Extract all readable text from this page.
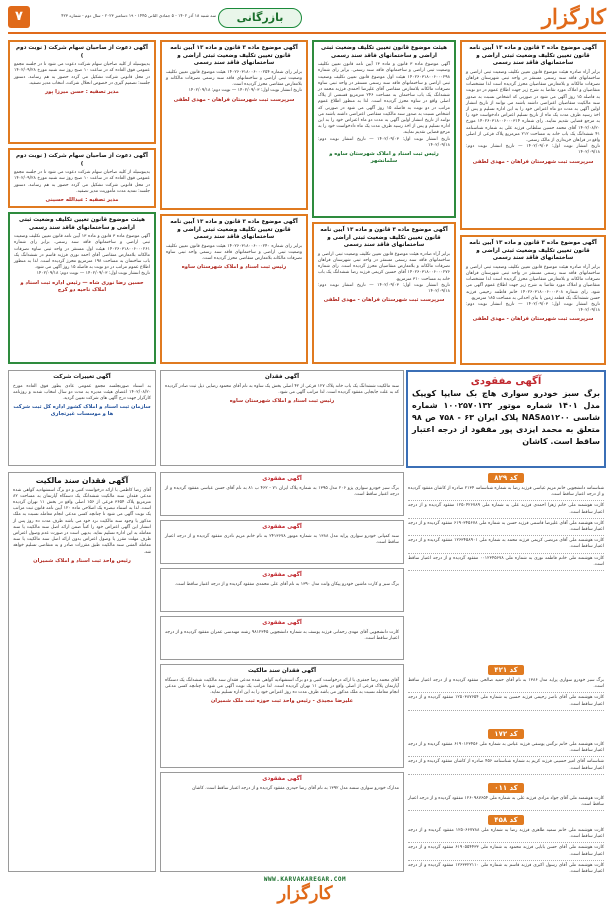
کارگزار
بازرگانی
سه شنبه ۱۸ آذر ۱۴۰۲ - ۵ جمادی الثانی ۱۴۴۵ - ۱۹ دسامبر ۲۰۲۳ - سال دوم - شماره ۴۲۳
۷
آگهی موضوع ماده ۳ قانون و ماده ۱۳ آیین نامه قانون تعیین تکلیف وضعیت ثبتی اراضی و ساختمانهای فاقد سند رسمی
برابر آراء صادره هیئت موضوع قانون تعیین تکلیف وضعیت ثبتی اراضی و ساختمانهای فاقد سند رسمی مستقر در واحد ثبتی شهرستان فراهان تصرفات مالکانه و بلامعارض متقاضیان محرز گردیده است لذا مشخصات متقاضیان و املاک مورد تقاضا به شرح زیر جهت اطلاع عموم در دو نوبت به فاصله ۱۵ روز آگهی می شود در صورتی که اشخاص نسبت به صدور سند مالکیت متقاضیان اعتراضی داشته باشند می توانند از تاریخ انتشار اولین آگهی به مدت دو ماه اعتراض خود را به این اداره تسلیم و پس از اخذ رسید ظرف مدت یک ماه از تاریخ تسلیم اعتراض دادخواست خود را به مرجع قضایی تقدیم نمایند. رای شماره ۱۴۰۲۶۰۳۱۸۰۰۶۰۰۰۳۱۴ مورخ ۱۴۰۲/۰۸/۲۰ آقای محمد حسین سلطانی فرزند علی به شماره شناسنامه ۴۱ ششدانگ یک باب خانه به مساحت ۲۱۲ مترمربع پلاک فرعی از اصلی واقع در فراهان خریداری از مالک رسمی.
تاریخ انتشار نوبت اول: ۱۴۰۲/۰۹/۰۳ — تاریخ انتشار نوبت دوم: ۱۴۰۲/۰۹/۱۸
سرپرست ثبت شهرستان فراهان - مهدی لطفی
آگهی موضوع ماده ۳ قانون و ماده ۱۳ آیین نامه قانون تعیین تکلیف وضعیت ثبتی اراضی و ساختمانهای فاقد سند رسمی
برابر آراء صادره هیئت موضوع قانون تعیین تکلیف وضعیت ثبتی اراضی و ساختمانهای فاقد سند رسمی مستقر در واحد ثبتی شهرستان فراهان تصرفات مالکانه و بلامعارض متقاضیان محرز گردیده است لذا مشخصات متقاضیان و املاک مورد تقاضا به شرح زیر جهت اطلاع عموم آگهی می شود. رای شماره ۱۴۰۲۶۰۳۱۸۰۰۶۰۰۰۳۰۸ خانم فاطمه رحیمی فرزند حسن ششدانگ یک قطعه زمین با بنای احداثی به مساحت ۱۸۵ مترمربع.
تاریخ انتشار نوبت اول: ۱۴۰۲/۰۹/۰۳ — تاریخ انتشار نوبت دوم: ۱۴۰۲/۰۹/۱۸
سرپرست ثبت شهرستان فراهان - مهدی لطفی
آگهی مفقودی
برگ سبز خودرو سواری هاچ بک سایپا کوییک مدل ۱۴۰۱ شماره موتور ۱۰۰۲۵۷۰۱۳۲ شماره شاسی NAS۸۵۱۲۰۰ پلاک ایران ۶۳ - ۷۵۸ ص ۹۸ متعلق به محمد ایزدی پور مفقود از درجه اعتبار ساقط است. کاشان
کد ۸۲۹
شناسنامه دانشجویی خانم مریم عباسی فرزند رضا به شماره شناسنامه ۲۱۳۴ صادره از کاشان مفقود گردیده و از درجه اعتبار ساقط است.
کارت هوشمند ملی خانم زهرا احمدی فرزند علی به شماره ملی ۱۲۵۰۴۲۶۷۸۹ مفقود گردیده و از درجه اعتبار ساقط است.
کارت هوشمند ملی آقای علیرضا قاسمی فرزند حسن به شماره ملی ۶۱۹۰۳۴۵۶۷۸ مفقود گردیده و از درجه اعتبار ساقط است.
کارت هوشمند ملی آقای مرتضی کریمی فرزند محمد به شماره ملی ۱۲۶۳۴۵۸۹۰۱ مفقود گردیده و از درجه اعتبار ساقط است.
کارت هوشمند ملی خانم فاطمه نوری به شماره ملی ۰۰۱۲۳۴۵۶۷۸ مفقود گردیده و از درجه اعتبار ساقط است.
کد ۴۲۱
برگ سبز خودرو سواری پراید مدل ۱۳۸۶ به نام آقای حمید صالحی مفقود گردیده و از درجه اعتبار ساقط است.
کارت هوشمند ملی آقای ناصر رحیمی فرزند حسین به شماره ملی ۱۲۵۰۳۸۷۶۵۴ مفقود گردیده و از درجه اعتبار ساقط است.
کد ۱۷۲
کارت هوشمند ملی خانم نرگس یوسفی فرزند عباس به شماره ملی ۶۱۹۰۱۲۳۴۵۶ مفقود گردیده و از درجه اعتبار ساقط است.
شناسنامه آقای امیر حسینی فرزند کریم به شماره شناسنامه ۴۵۶ صادره از کاشان مفقود گردیده و از درجه اعتبار ساقط است.
کد ۰۱۱
کارت هوشمند ملی آقای جواد مرادی فرزند علی به شماره ملی ۱۲۶۰۹۸۷۶۵۴ مفقود گردیده و از درجه اعتبار ساقط است.
کد ۴۵۸
کارت هوشمند ملی خانم سمیه طاهری فرزند رضا به شماره ملی ۱۲۵۰۶۶۷۷۸۸ مفقود گردیده و از درجه اعتبار ساقط است.
کارت هوشمند ملی آقای حسن بابایی فرزند محمود به شماره ملی ۶۱۹۰۵۵۴۴۳۳ مفقود گردیده و از درجه اعتبار ساقط است.
کارت هوشمند ملی آقای رسول اکبری فرزند قاسم به شماره ملی ۱۲۶۳۳۲۲۱۱۰ مفقود گردیده و از درجه اعتبار ساقط است.
هیئت موضوع قانون تعیین تکلیف وضعیت ثبتی اراضی و ساختمانهای فاقد سند رسمی
آگهی موضوع ماده ۳ قانون و ماده ۱۳ آیین نامه قانون تعیین تکلیف وضعیت ثبتی اراضی و ساختمانهای فاقد سند رسمی. برابر رای شماره ۱۴۰۲۶۰۳۱۸۰۰۶۰۰۰۲۹۸ هیئت اول موضوع قانون تعیین تکلیف وضعیت ثبتی اراضی و ساختمانهای فاقد سند رسمی مستقر در واحد ثبتی ساوه تصرفات مالکانه بلامعارض متقاضی آقای علیرضا احمدی فرزند محمد در ششدانگ یک باب ساختمان به مساحت ۲۴۶ مترمربع قسمتی از پلاک اصلی واقع در ساوه محرز گردیده است. لذا به منظور اطلاع عموم مراتب در دو نوبت به فاصله ۱۵ روز آگهی می شود در صورتی که اشخاص نسبت به صدور سند مالکیت متقاضی اعتراضی داشته باشند می توانند از تاریخ انتشار اولین آگهی به مدت دو ماه اعتراض خود را به این اداره تسلیم و پس از اخذ رسید ظرف مدت یک ماه دادخواست خود را به مرجع قضایی تقدیم نمایند.
تاریخ انتشار نوبت اول: ۱۴۰۲/۰۹/۰۳ — تاریخ انتشار نوبت دوم: ۱۴۰۲/۰۹/۱۸
رئیس ثبت اسناد و املاک شهرستان ساوه و سلمانشهر
آگهی موضوع ماده ۳ قانون و ماده ۱۳ آیین نامه قانون تعیین تکلیف وضعیت ثبتی اراضی و ساختمانهای فاقد سند رسمی
برابر آراء صادره هیئت موضوع قانون تعیین تکلیف وضعیت ثبتی اراضی و ساختمانهای فاقد سند رسمی مستقر در واحد ثبتی شهرستان فراهان تصرفات مالکانه و بلامعارض متقاضیان محرز گردیده است. رای شماره ۱۴۰۲۶۰۳۱۸۰۰۶۰۰۰۲۷۶ آقای حسین کریمی فرزند رضا ششدانگ یک باب خانه به مساحت ۳۱۰ مترمربع.
تاریخ انتشار نوبت اول: ۱۴۰۲/۰۹/۰۳ — تاریخ انتشار نوبت دوم: ۱۴۰۲/۰۹/۱۸
سرپرست ثبت شهرستان فراهان - مهدی لطفی
آگهی موضوع ماده ۳ قانون و ماده ۱۳ آیین نامه قانون تعیین تکلیف وضعیت ثبتی اراضی و ساختمانهای فاقد سند رسمی
برابر رای شماره ۱۴۰۲۶۰۳۱۸۰۰۶۰۰۰۲۵۴ هیئت موضوع قانون تعیین تکلیف وضعیت ثبتی اراضی و ساختمانهای فاقد سند رسمی تصرفات مالکانه و بلامعارض متقاضی محرز گردیده است.
تاریخ انتشار نوبت اول: ۱۴۰۲/۰۹/۰۳ — نوبت دوم: ۱۴۰۲/۰۹/۱۸
سرپرست ثبت شهرستان فراهان - مهدی لطفی
آگهی موضوع ماده ۳ قانون و ماده ۱۳ آیین نامه قانون تعیین تکلیف وضعیت ثبتی اراضی و ساختمانهای فاقد سند رسمی
برابر رای شماره ۱۴۰۲۶۰۳۱۸۰۰۶۰۰۰۲۴۰ هیئت موضوع قانون تعیین تکلیف وضعیت ثبتی اراضی و ساختمانهای فاقد سند رسمی واحد ثبتی ساوه تصرفات مالکانه بلامعارض متقاضی محرز گردیده است.
رئیس ثبت اسناد و املاک شهرستان ساوه
آگهی فقدان
سند مالکیت ششدانگ یک باب خانه پلاک ۱۲۷ فرعی از ۴۲ اصلی بخش یک ساوه به نام آقای محمود رضایی ذیل ثبت صادر گردیده که به علت جابجایی مفقود گردیده است. لذا مراتب آگهی می شود.
رئیس ثبت اسناد و املاک شهرستان ساوه
آگهی مفقودی
برگ سبز خودرو سواری پژو ۲۰۶ مدل ۱۳۹۵ به شماره پلاک ایران ۷۱ - ۴۶۲ ب ۸۱ به نام آقای حسن عباسی مفقود گردیده و از درجه اعتبار ساقط است.
آگهی مفقودی
سند کمپانی خودرو سواری پراید مدل ۱۳۸۸ به شماره موتور ۲۴۱۳۶۷۸ به نام خانم مریم نادری مفقود گردیده و از درجه اعتبار ساقط است.
آگهی مفقودی
برگ سبز و کارت ماشین خودرو پیکان وانت مدل ۱۳۹۰ به نام آقای علی محمدی مفقود گردیده و از درجه اعتبار ساقط است.
آگهی مفقودی
کارت دانشجویی آقای مهدی رحمانی فرزند یوسف به شماره دانشجویی ۹۸۱۲۳۴۵ رشته مهندسی عمران مفقود گردیده و از درجه اعتبار ساقط است.
آگهی فقدان سند مالکیت
آقای محمد رضا جعفری با ارائه درخواست کتبی و دو برگ استشهادیه گواهی شده مدعی فقدان سند مالکیت ششدانگ یک دستگاه آپارتمان پلاک فرعی از اصلی واقع در بخش ۱۱ تهران گردیده است. لذا مراتب یک نوبت آگهی می شود تا چنانچه کسی مدعی انجام معامله نسبت به ملک مذکور می باشد ظرف مدت ده روز اعتراض خود را به این اداره تسلیم نماید.
علیرضا مجیدی - رئیس واحد ثبت حوزه ثبت ملک شمیران
آگهی مفقودی
مدارک خودرو سواری سمند مدل ۱۳۹۲ به نام آقای رضا حیدری مفقود گردیده و از درجه اعتبار ساقط است. کاشان
آگهی دعوت از صاحبان سهام شرکت ( نوبت دوم )
بدینوسیله از کلیه صاحبان سهام شرکت دعوت می شود تا در جلسه مجمع عمومی فوق العاده که در ساعت ۱۰ صبح روز سه شنبه مورخ ۱۴۰۲/۰۹/۲۸ در محل قانونی شرکت تشکیل می گردد حضور به هم رسانند. دستور جلسه: تصمیم گیری در خصوص انحلال شرکت، انتخاب مدیر تصفیه.
مدیر تصفیه : حسن میرزا پور
آگهی دعوت از صاحبان سهام شرکت ( نوبت دوم )
بدینوسیله از کلیه صاحبان سهام شرکت دعوت می شود تا در جلسه مجمع عمومی فوق العاده که در ساعت ۱۰ صبح روز سه شنبه مورخ ۱۴۰۲/۰۹/۲۸ در محل قانونی شرکت تشکیل می گردد حضور به هم رسانند. دستور جلسه: تمدید مدت مأموریت مدیر تصفیه.
مدیر تصفیه : عبدالله حسینی
هیئت موضوع قانون تعیین تکلیف وضعیت ثبتی اراضی و ساختمانهای فاقد سند رسمی
آگهی موضوع ماده ۳ قانون و ماده ۱۳ آیین نامه قانون تعیین تکلیف وضعیت ثبتی اراضی و ساختمانهای فاقد سند رسمی. برابر رای شماره ۱۴۰۲۶۰۳۱۸۰۰۶۰۰۰۲۶۱ هیئت اول مستقر در واحد ثبتی ساوه تصرفات مالکانه بلامعارض متقاضی آقای احمد نوری فرزند قاسم در ششدانگ یک باب ساختمان به مساحت ۱۹۸ مترمربع محرز گردیده است. لذا به منظور اطلاع عموم مراتب در دو نوبت به فاصله ۱۵ روز آگهی می شود.
تاریخ انتشار نوبت اول: ۱۴۰۲/۰۹/۰۳ — نوبت دوم: ۱۴۰۲/۰۹/۱۸
حسین رضا نوری شاه — رئیس اداره ثبت اسناد و املاک ناحیه دو کرج
آگهی تغییرات شرکت
به استناد صورتجلسه مجمع عمومی عادی بطور فوق العاده مورخ ۱۴۰۲/۰۸/۲۰ اعضای هیئت مدیره به مدت دو سال انتخاب شدند و روزنامه کارگزار جهت درج آگهی های شرکت تعیین گردید.
سازمان ثبت اسناد و املاک کشور اداره کل ثبت شرکت ها و موسسات غیرتجاری
آگهی فقدان سند مالکیت
آقای رضا کاظمی با ارائه درخواست کتبی و دو برگ استشهادیه گواهی شده مدعی فقدان سند مالکیت ششدانگ یک دستگاه آپارتمان به مساحت ۸۲ مترمربع پلاک ۳۶۵۴ فرعی از ۱۵۶ اصلی واقع در بخش ۱۱ تهران گردیده است. لذا به استناد تبصره یک اصلاحی ماده ۱۲۰ آیین نامه قانون ثبت مراتب یک نوبت آگهی می شود تا چنانچه کسی مدعی انجام معامله نسبت به ملک مذکور یا وجود سند مالکیت نزد خود می باشد ظرف مدت ده روز پس از انتشار این آگهی اعتراض خود را کتباً ضمن ارائه اصل سند مالکیت یا سند معامله به این اداره تسلیم نماید. بدیهی است در صورت عدم وصول اعتراض ظرف مهلت مقرر یا وصول اعتراض بدون ارائه اصل سند مالکیت یا سند معامله المثنی سند مالکیت طبق مقررات صادر و به متقاضی تسلیم خواهد شد.
رئیس واحد ثبت اسناد و املاک شمیران
WWW.KARVAKAREGAR.COM
کارگزار
